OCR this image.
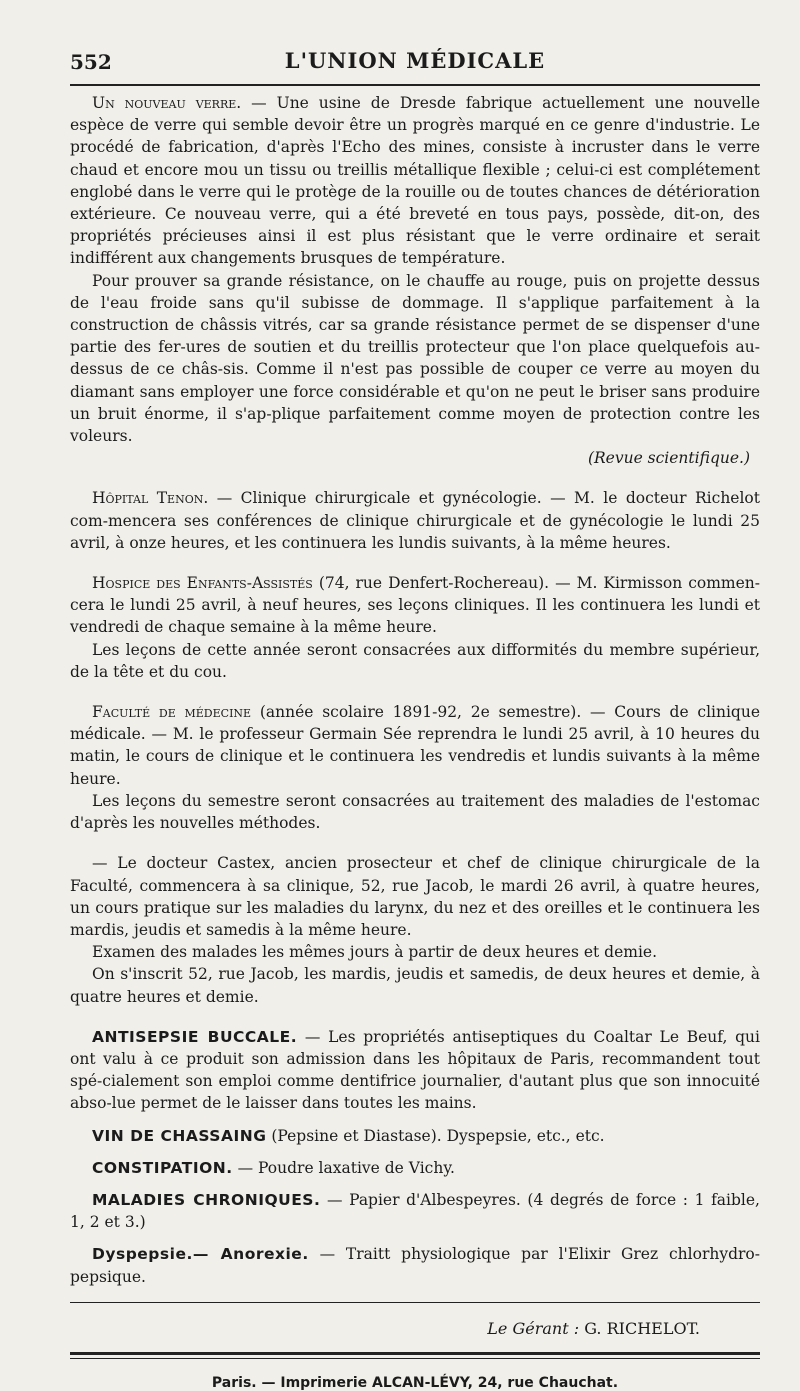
552	L'UNION MÉDICALE

Un nouveau verre. — Une usine de Dresde fabrique actuellement une nouvelle espèce de verre qui semble devoir être un progrès marqué en ce genre d'industrie. Le procédé de fabrication, d'après l'Echo des mines, consiste à incruster dans le verre chaud et encore mou un tissu ou treillis métallique flexible ; celui-ci est complétement englobé dans le verre qui le protège de la rouille ou de toutes chances de détérioration extérieure. Ce nouveau verre, qui a été breveté en tous pays, possède, dit-on, des propriétés précieuses ainsi il est plus résistant que le verre ordinaire et serait indifférent aux changements brusques de température.

Pour prouver sa grande résistance, on le chauffe au rouge, puis on projette dessus de l'eau froide sans qu'il subisse de dommage. Il s'applique parfaitement à la construction de châssis vitrés, car sa grande résistance permet de se dispenser d'une partie des fer-ures de soutien et du treillis protecteur que l'on place quelquefois au-dessus de ce châs-sis. Comme il n'est pas possible de couper ce verre au moyen du diamant sans employer une force considérable et qu'on ne peut le briser sans produire un bruit énorme, il s'ap-plique parfaitement comme moyen de protection contre les voleurs.

(Revue scientifique.)

Hôpital Tenon. — Clinique chirurgicale et gynécologie. — M. le docteur Richelot com-mencera ses conférences de clinique chirurgicale et de gynécologie le lundi 25 avril, à onze heures, et les continuera les lundis suivants, à la même heures.

Hospice des Enfants-Assistés (74, rue Denfert-Rochereau). — M. Kirmisson commen-cera le lundi 25 avril, à neuf heures, ses leçons cliniques. Il les continuera les lundi et vendredi de chaque semaine à la même heure.

Les leçons de cette année seront consacrées aux difformités du membre supérieur, de la tête et du cou.

Faculté de médecine (année scolaire 1891-92, 2e semestre). — Cours de clinique médicale. — M. le professeur Germain Sée reprendra le lundi 25 avril, à 10 heures du matin, le cours de clinique et le continuera les vendredis et lundis suivants à la même heure.

Les leçons du semestre seront consacrées au traitement des maladies de l'estomac d'après les nouvelles méthodes.

— Le docteur Castex, ancien prosecteur et chef de clinique chirurgicale de la Faculté, commencera à sa clinique, 52, rue Jacob, le mardi 26 avril, à quatre heures, un cours pratique sur les maladies du larynx, du nez et des oreilles et le continuera les mardis, jeudis et samedis à la même heure.

Examen des malades les mêmes jours à partir de deux heures et demie.

On s'inscrit 52, rue Jacob, les mardis, jeudis et samedis, de deux heures et demie, à quatre heures et demie.

ANTISEPSIE BUCCALE. — Les propriétés antiseptiques du Coaltar Le Beuf, qui ont valu à ce produit son admission dans les hôpitaux de Paris, recommandent tout spé-cialement son emploi comme dentifrice journalier, d'autant plus que son innocuité abso-lue permet de le laisser dans toutes les mains.

VIN DE CHASSAING (Pepsine et Diastase). Dyspepsie, etc., etc.

CONSTIPATION. — Poudre laxative de Vichy.

MALADIES CHRONIQUES. — Papier d'Albespeyres. (4 degrés de force : 1 faible, 1, 2 et 3.)

Dyspepsie.— Anorexie. — Traitt physiologique par l'Elixir Grez chlorhydro-pepsique.

Le Gérant : G. RICHELOT.
Paris. — Imprimerie ALCAN-LÉVY, 24, rue Chauchat.
